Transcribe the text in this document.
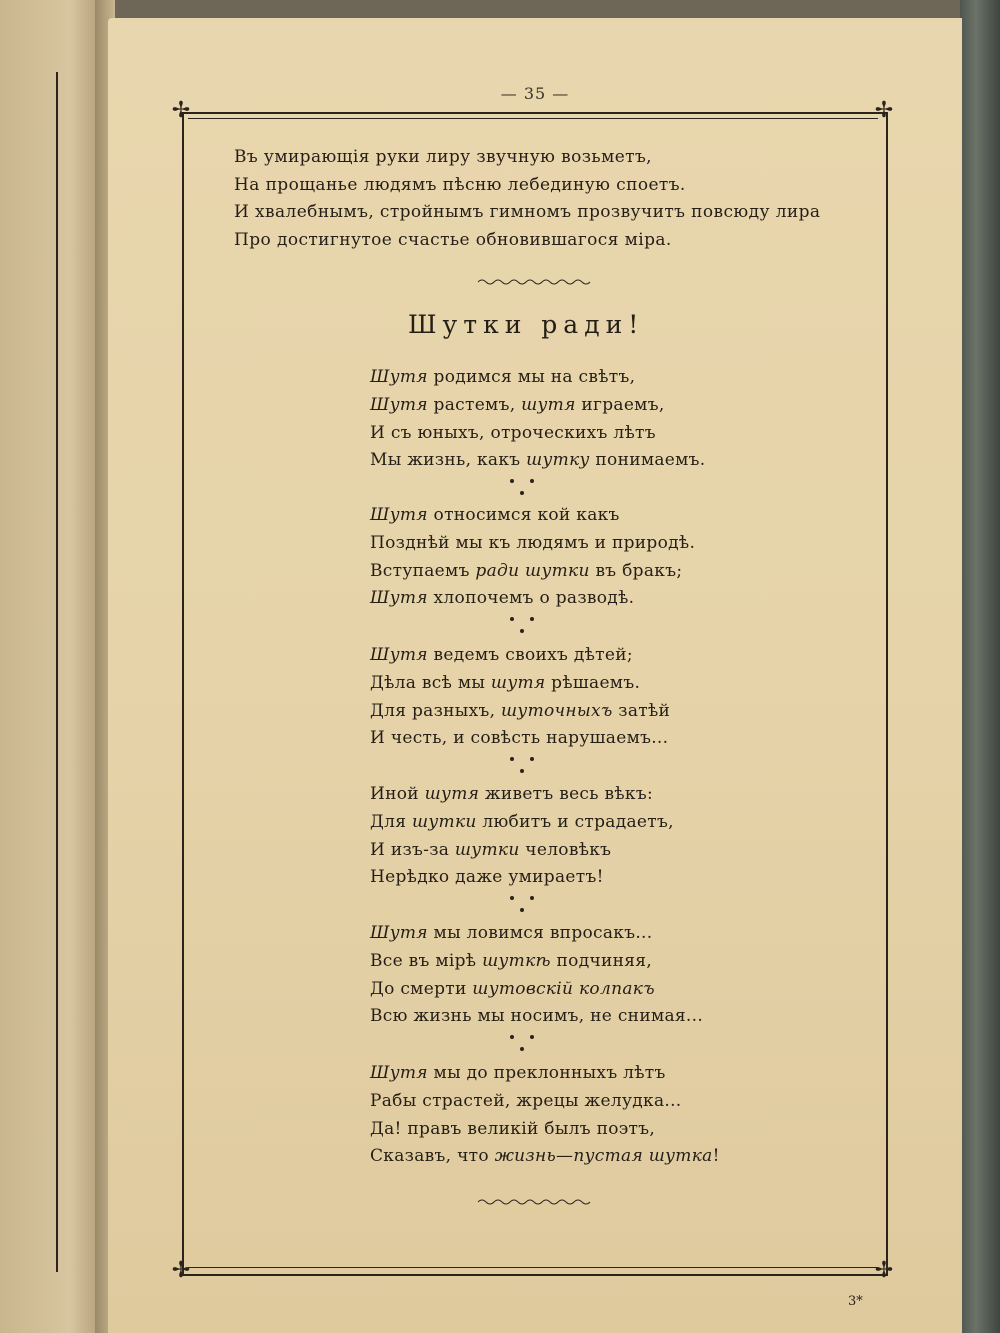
✢	✢
✢	✢
— 35 —
Въ умирающія руки лиру звучную возьметъ,
На прощанье людямъ пѣсню лебединую споетъ.
И хвалебнымъ, стройнымъ гимномъ прозвучитъ повсюду лира
Про достигнутое счастье обновившагося міра.
Шутки ради!
Шутя родимся мы на свѣтъ,
Шутя растемъ, шутя играемъ,
И съ юныхъ, отроческихъ лѣтъ
Мы жизнь, какъ шутку понимаемъ.
Шутя относимся кой какъ
Позднѣй мы къ людямъ и природѣ.
Вступаемъ ради шутки въ бракъ;
Шутя хлопочемъ о разводѣ.
Шутя ведемъ своихъ дѣтей;
Дѣла всѣ мы шутя рѣшаемъ.
Для разныхъ, шуточныхъ затѣй
И честь, и совѣсть нарушаемъ...
Иной шутя живетъ весь вѣкъ:
Для шутки любитъ и страдаетъ,
И изъ-за шутки человѣкъ
Нерѣдко даже умираетъ!
Шутя мы ловимся впросакъ...
Все въ мірѣ шуткѣ подчиняя,
До смерти шутовскій колпакъ
Всю жизнь мы носимъ, не снимая...
Шутя мы до преклонныхъ лѣтъ
Рабы страстей, жрецы желудка...
Да! правъ великій былъ поэтъ,
Сказавъ, что жизнь—пустая шутка!
3*
